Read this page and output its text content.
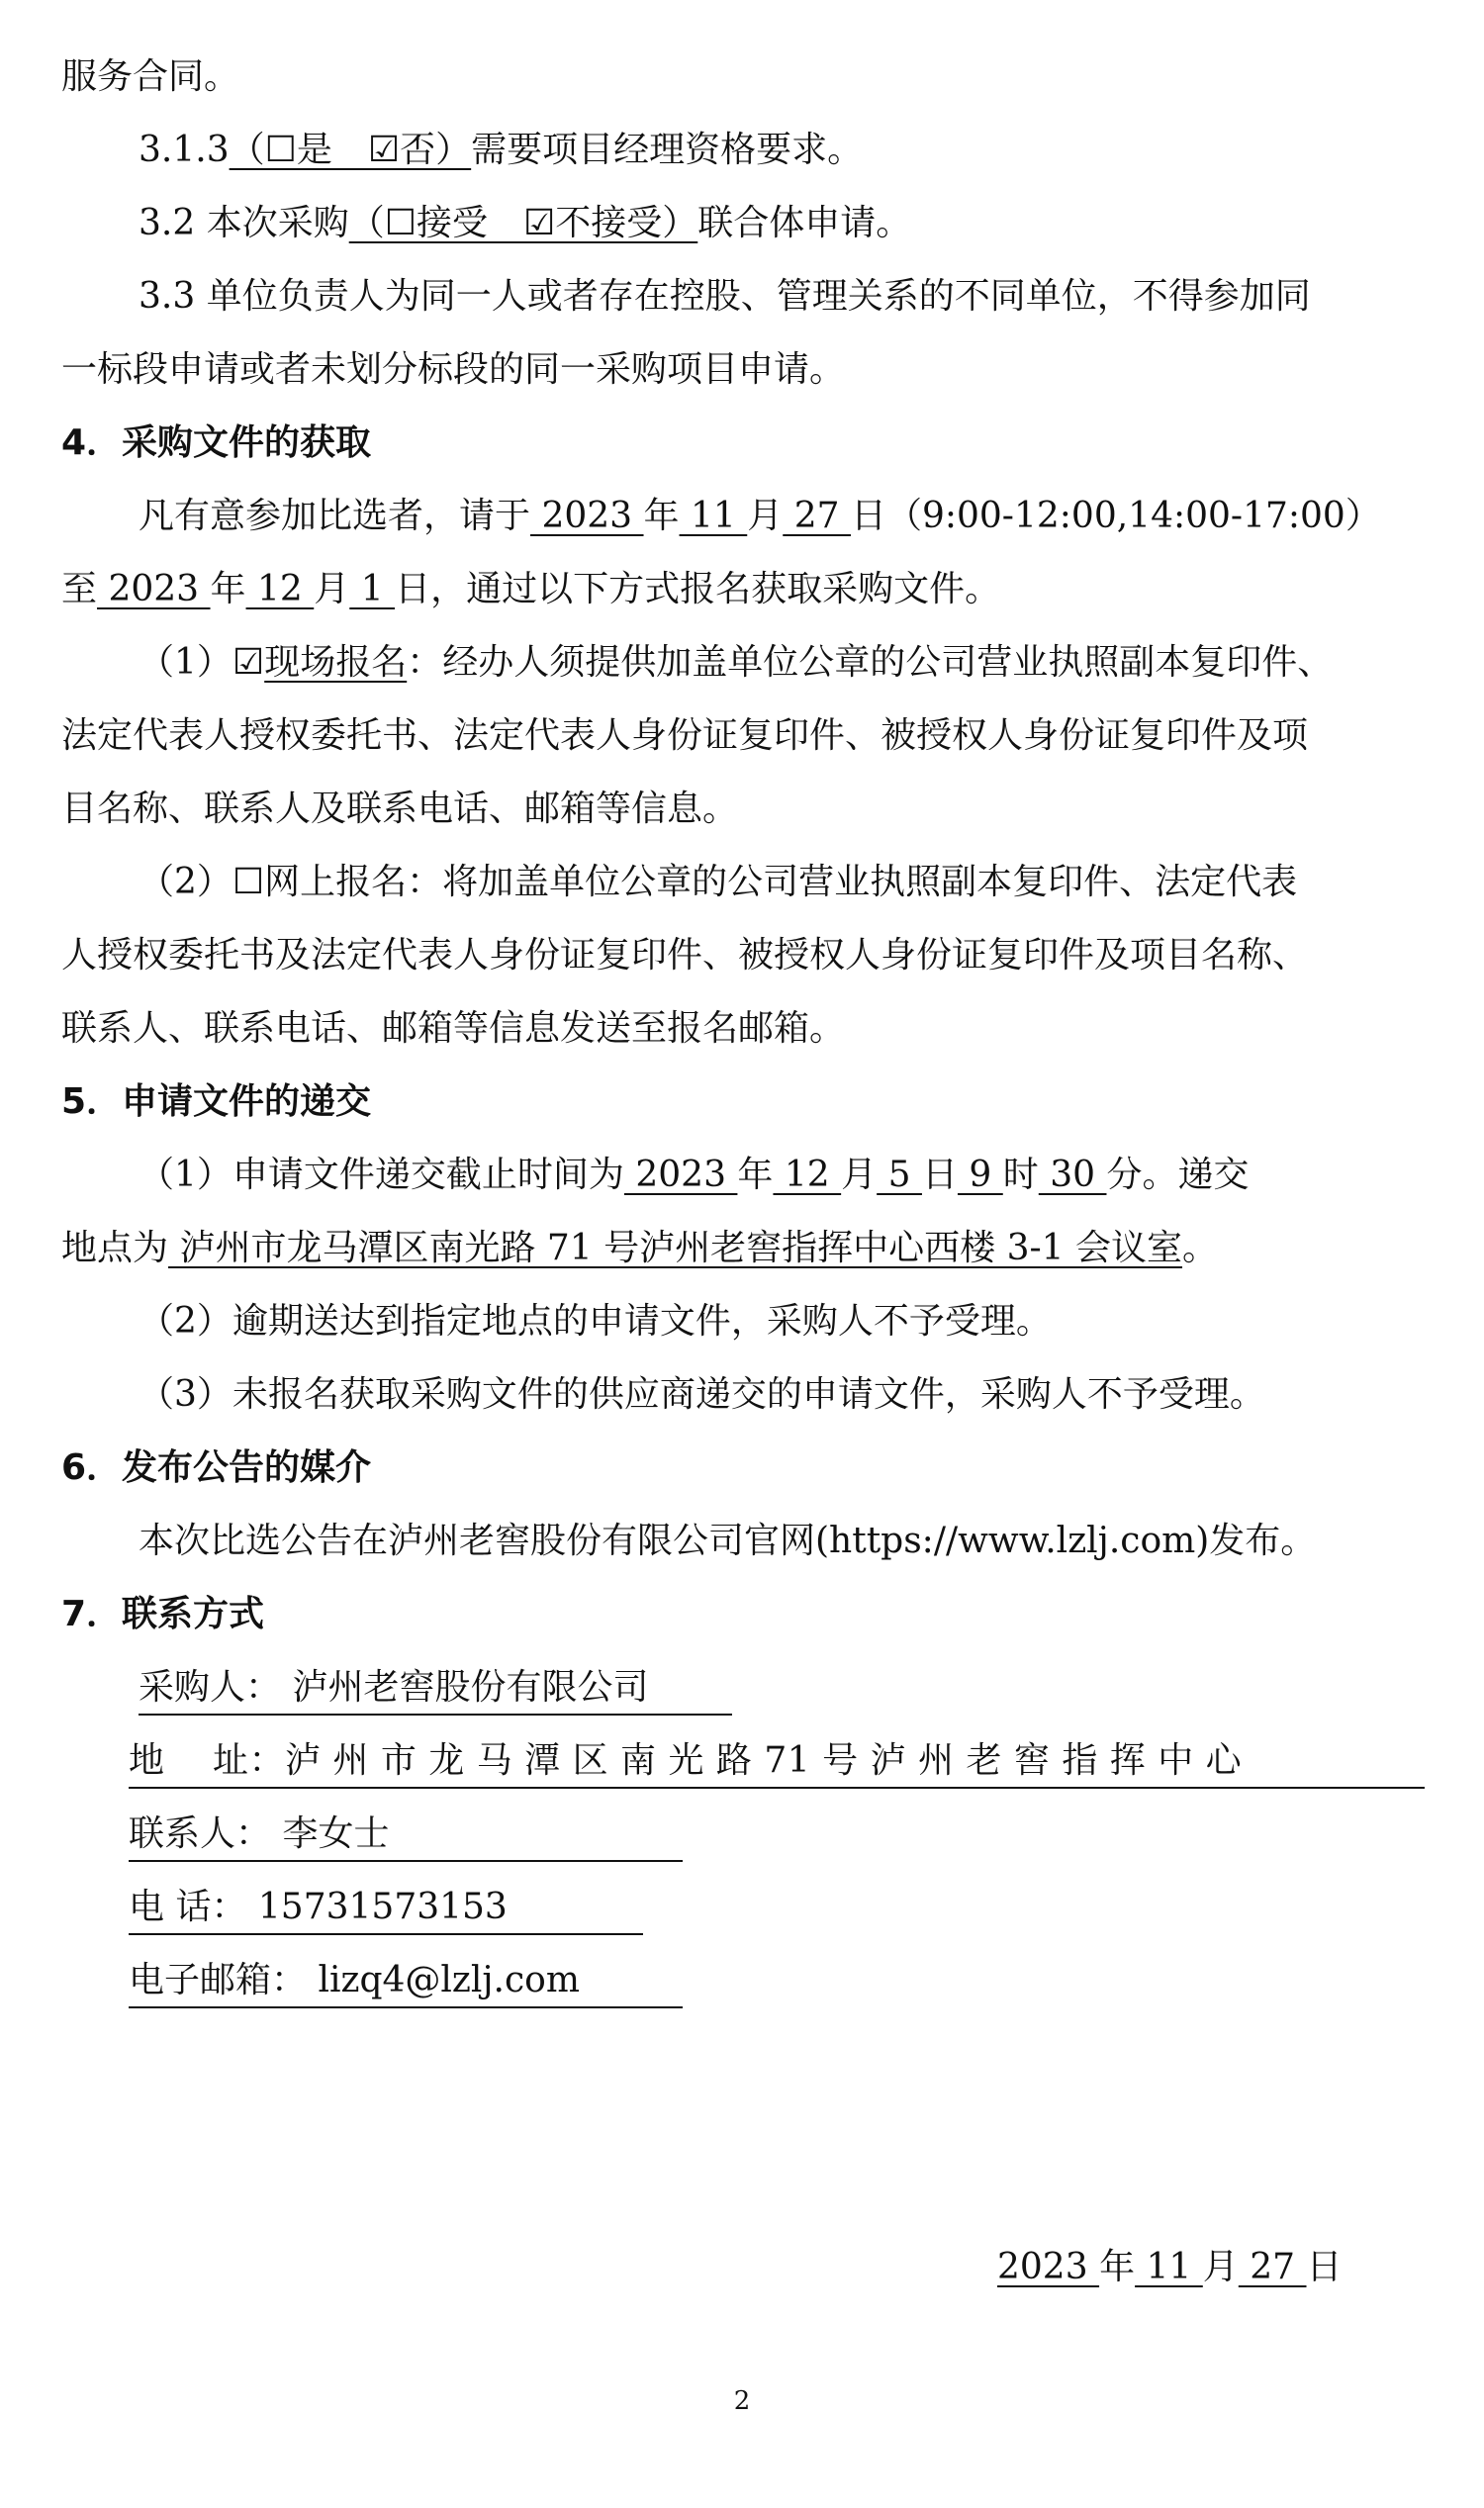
服务合同。
3.1.3（☐是　☑否）需要项目经理资格要求。
3.2 本次采购（☐接受　☑不接受）联合体申请。
3.3 单位负责人为同一人或者存在控股、管理关系的不同单位，不得参加同
一标段申请或者未划分标段的同一采购项目申请。
4．采购文件的获取
凡有意参加比选者，请于 2023 年 11 月 27 日（9:00-12:00,14:00-17:00）
至 2023 年 12 月 1 日，通过以下方式报名获取采购文件。
（1）☑现场报名：经办人须提供加盖单位公章的公司营业执照副本复印件、
法定代表人授权委托书、法定代表人身份证复印件、被授权人身份证复印件及项
目名称、联系人及联系电话、邮箱等信息。
（2）☐网上报名：将加盖单位公章的公司营业执照副本复印件、法定代表
人授权委托书及法定代表人身份证复印件、被授权人身份证复印件及项目名称、
联系人、联系电话、邮箱等信息发送至报名邮箱。
5．申请文件的递交
（1）申请文件递交截止时间为 2023 年 12 月 5 日 9 时 30 分。递交
地点为 泸州市龙马潭区南光路 71 号泸州老窖指挥中心西楼 3-1 会议室。
（2）逾期送达到指定地点的申请文件，采购人不予受理。
（3）未报名获取采购文件的供应商递交的申请文件，采购人不予受理。
6．发布公告的媒介
本次比选公告在泸州老窖股份有限公司官网(https://www.lzlj.com)发布。
7．联系方式
采购人： 泸州老窖股份有限公司
地　 址：泸 州 市 龙 马 潭 区 南 光 路 71 号 泸 州 老 窖 指 挥 中 心
联系人： 李女士
电 话： 15731573153
电子邮箱： lizq4@lzlj.com
2023 年 11 月 27 日
2
